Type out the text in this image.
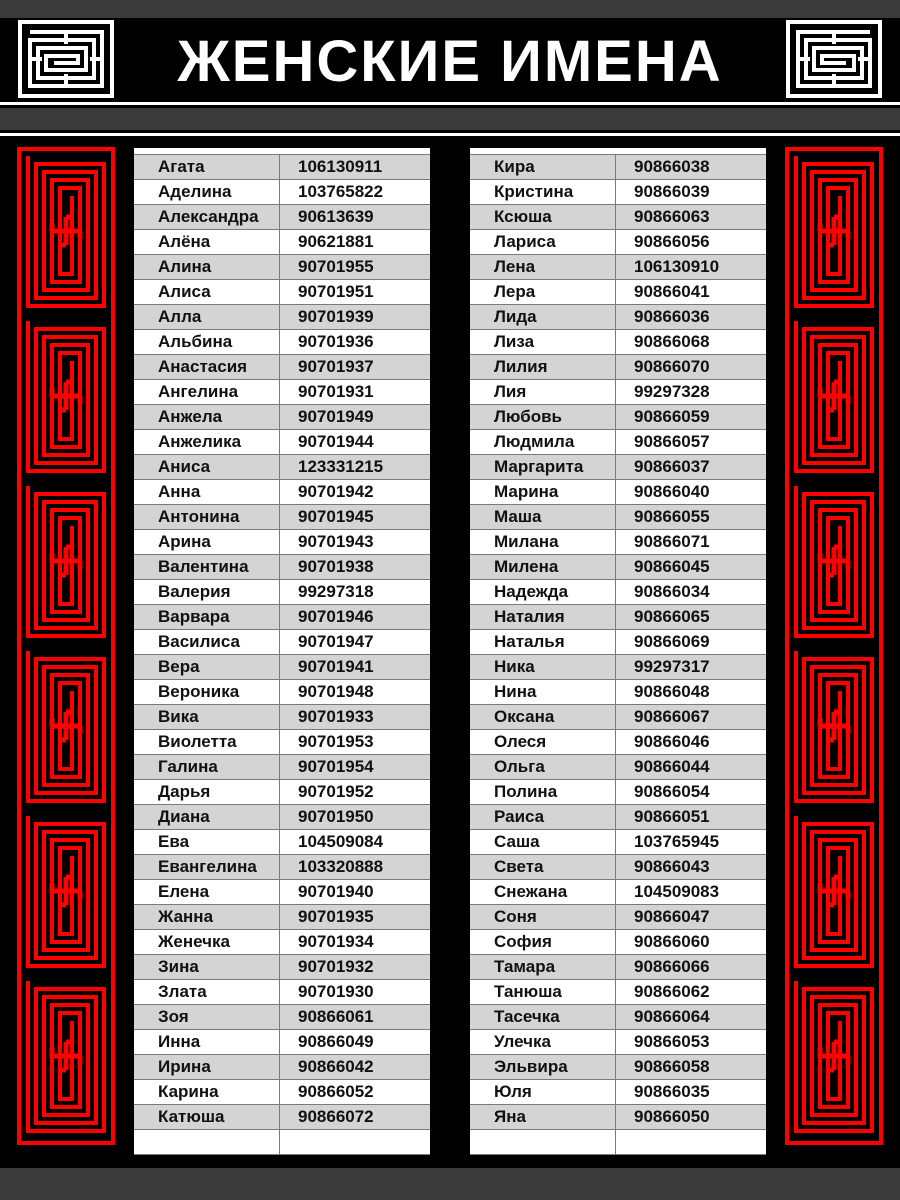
ЖЕНСКИЕ ИМЕНА
Агата	106130911
Аделина	103765822
Александра	90613639
Алёна	90621881
Алина	90701955
Алиса	90701951
Алла	90701939
Альбина	90701936
Анастасия	90701937
Ангелина	90701931
Анжела	90701949
Анжелика	90701944
Аниса	123331215
Анна	90701942
Антонина	90701945
Арина	90701943
Валентина	90701938
Валерия	99297318
Варвара	90701946
Василиса	90701947
Вера	90701941
Вероника	90701948
Вика	90701933
Виолетта	90701953
Галина	90701954
Дарья	90701952
Диана	90701950
Ева	104509084
Евангелина	103320888
Елена	90701940
Жанна	90701935
Женечка	90701934
Зина	90701932
Злата	90701930
Зоя	90866061
Инна	90866049
Ирина	90866042
Карина	90866052
Катюша	90866072
Кира	90866038
Кристина	90866039
Ксюша	90866063
Лариса	90866056
Лена	106130910
Лера	90866041
Лида	90866036
Лиза	90866068
Лилия	90866070
Лия	99297328
Любовь	90866059
Людмила	90866057
Маргарита	90866037
Марина	90866040
Маша	90866055
Милана	90866071
Милена	90866045
Надежда	90866034
Наталия	90866065
Наталья	90866069
Ника	99297317
Нина	90866048
Оксана	90866067
Олеся	90866046
Ольга	90866044
Полина	90866054
Раиса	90866051
Саша	103765945
Света	90866043
Снежана	104509083
Соня	90866047
София	90866060
Тамара	90866066
Танюша	90866062
Тасечка	90866064
Улечка	90866053
Эльвира	90866058
Юля	90866035
Яна	90866050
